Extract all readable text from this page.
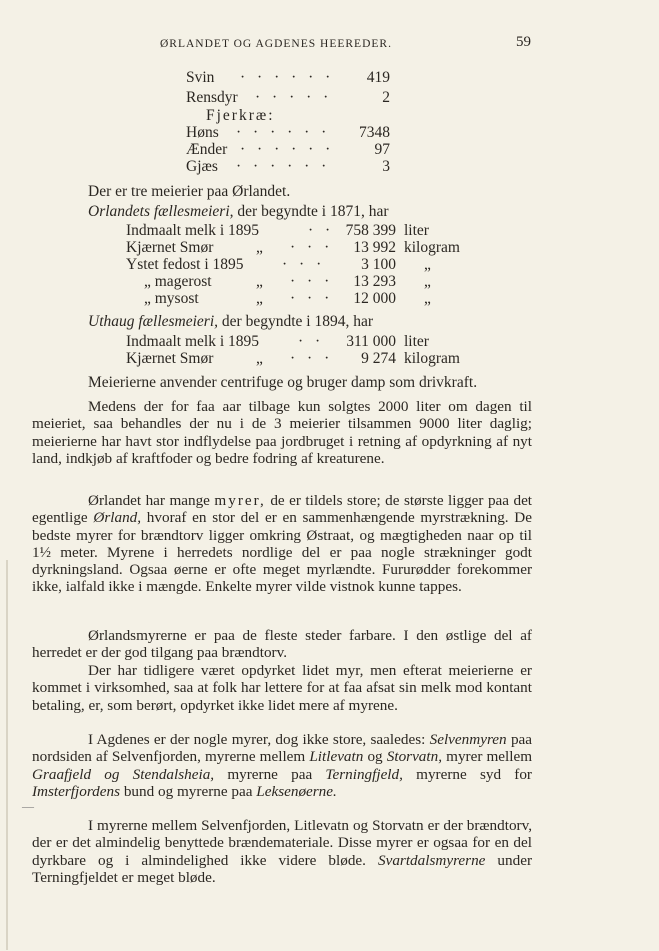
ØRLANDET OG AGDENES HEEREDER.	59
Svin · · · · · ·	419
Rensdyr · · · · ·	2
Fjerkræ:
Høns · · · · · ·	7348
Ænder · · · · · ·	97
Gjæs · · · · · ·	3
Der er tre meierier paa Ørlandet.
Orlandets fællesmeieri, der begyndte i 1871, har
Indmaalt melk i 1895	· · 758 399 liter
Kjærnet Smør	„ · · ·	13 992 kilogram
Ystet fedost i 1895 · · ·	3 100 „
„ magerost	„ · · ·	13 293 „
„ mysost	„ · · ·	12 000 „
Uthaug fællesmeieri, der begyndte i 1894, har
Indmaalt melk i 1895	· ·	311 000 liter
Kjærnet Smør	„ · · ·	9 274 kilogram
Meierierne anvender centrifuge og bruger damp som drivkraft.

Medens der for faa aar tilbage kun solgtes 2000 liter om dagen til meieriet, saa behandles der nu i de 3 meierier tilsammen 9000 liter daglig; meierierne har havt stor indflydelse paa jordbruget i retning af opdyrkning af nyt land, indkjøb af kraftfoder og bedre fodring af kreaturene.

Ørlandet har mange myrer, de er tildels store; de største ligger paa det egentlige Ørland, hvoraf en stor del er en sammenhængende myrstrækning. De bedste myrer for brændtorv ligger omkring Østraat, og mægtigheden naar op til 1½ meter. Myrene i herredets nordlige del er paa nogle strækninger godt dyrkningsland. Ogsaa øerne er ofte meget myrlændte. Fururødder forekommer ikke, ialfald ikke i mængde. Enkelte myrer vilde vistnok kunne tappes.

Ørlandsmyrerne er paa de fleste steder farbare. I den østlige del af herredet er der god tilgang paa brændtorv.

Der har tidligere været opdyrket lidet myr, men efterat meierierne er kommet i virksomhed, saa at folk har lettere for at faa afsat sin melk mod kontant betaling, er, som berørt, opdyrket ikke lidet mere af myrene.

I Agdenes er der nogle myrer, dog ikke store, saaledes: Selvenmyren paa nordsiden af Selvenfjorden, myrerne mellem Litlevatn og Storvatn, myrer mellem Graafjeld og Stendalsheia, myrerne paa Terningfjeld, myrerne syd for Imsterfjordens bund og myrerne paa Leksenøerne.

I myrerne mellem Selvenfjorden, Litlevatn og Storvatn er der brændtorv, der er det almindelig benyttede brændemateriale. Disse myrer er ogsaa for en del dyrkbare og i almindelighed ikke videre bløde. Svartdalsmyrerne under Terningfjeldet er meget bløde.

—
